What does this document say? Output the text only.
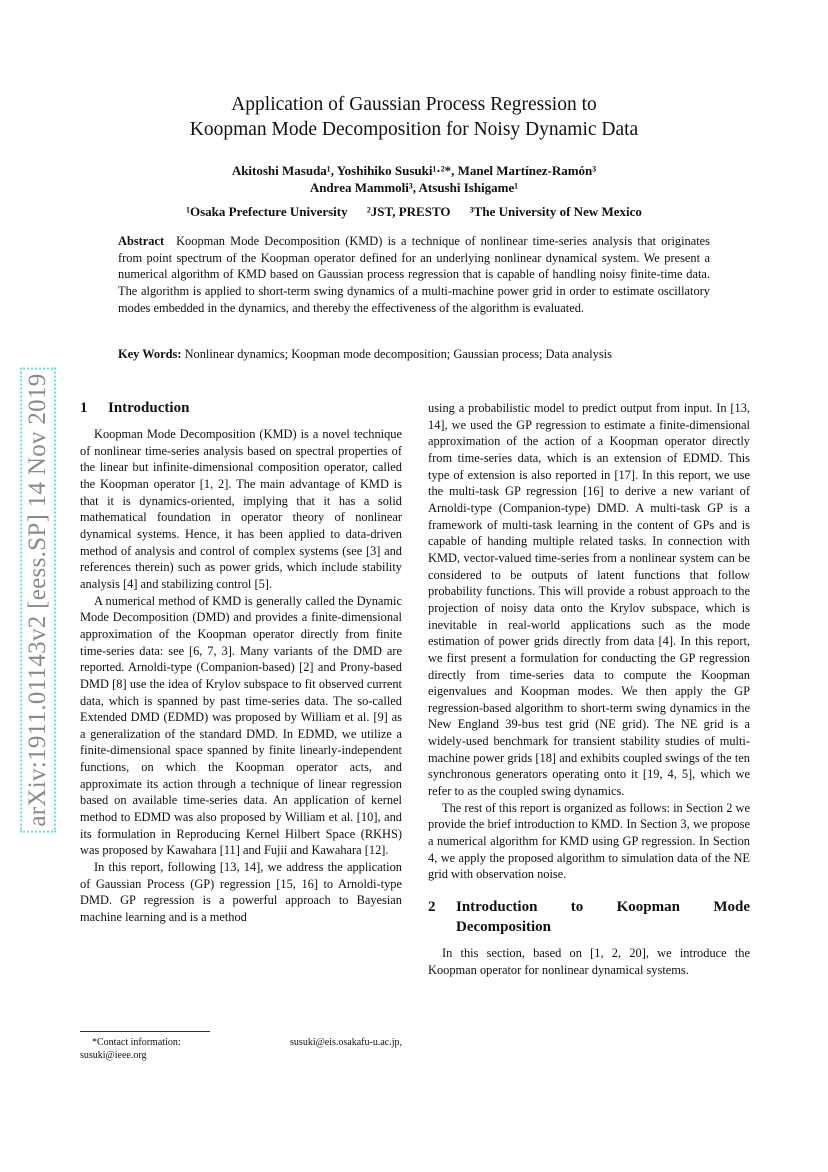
arXiv:1911.01143v2 [eess.SP] 14 Nov 2019
Application of Gaussian Process Regression to
Koopman Mode Decomposition for Noisy Dynamic Data
Akitoshi Masuda¹, Yoshihiko Susuki¹·²*, Manel Martínez-Ramón³
Andrea Mammoli³, Atsushi Ishigame¹
¹Osaka Prefecture University ²JST, PRESTO ³The University of New Mexico
Abstract Koopman Mode Decomposition (KMD) is a technique of nonlinear time-series analysis that originates from point spectrum of the Koopman operator defined for an underlying nonlinear dynamical system. We present a numerical algorithm of KMD based on Gaussian process regression that is capable of handling noisy finite-time data. The algorithm is applied to short-term swing dynamics of a multi-machine power grid in order to estimate oscillatory modes embedded in the dynamics, and thereby the effectiveness of the algorithm is evaluated.
Key Words: Nonlinear dynamics; Koopman mode decomposition; Gaussian process; Data analysis
1	Introduction

Koopman Mode Decomposition (KMD) is a novel technique of nonlinear time-series analysis based on spectral properties of the linear but infinite-dimensional composition operator, called the Koopman operator [1, 2]. The main advantage of KMD is that it is dynamics-oriented, implying that it has a solid mathematical foundation in operator theory of nonlinear dynamical systems. Hence, it has been applied to data-driven method of analysis and control of complex systems (see [3] and references therein) such as power grids, which include stability analysis [4] and stabilizing control [5].

A numerical method of KMD is generally called the Dynamic Mode Decomposition (DMD) and provides a finite-dimensional approximation of the Koopman operator directly from finite time-series data: see [6, 7, 3]. Many variants of the DMD are reported. Arnoldi-type (Companion-based) [2] and Prony-based DMD [8] use the idea of Krylov subspace to fit observed current data, which is spanned by past time-series data. The so-called Extended DMD (EDMD) was proposed by William et al. [9] as a generalization of the standard DMD. In EDMD, we utilize a finite-dimensional space spanned by finite linearly-independent functions, on which the Koopman operator acts, and approximate its action through a technique of linear regression based on available time-series data. An application of kernel method to EDMD was also proposed by William et al. [10], and its formulation in Reproducing Kernel Hilbert Space (RKHS) was proposed by Kawahara [11] and Fujii and Kawahara [12].

In this report, following [13, 14], we address the application of Gaussian Process (GP) regression [15, 16] to Arnoldi-type DMD. GP regression is a powerful approach to Bayesian machine learning and is a method

using a probabilistic model to predict output from input. In [13, 14], we used the GP regression to estimate a finite-dimensional approximation of the action of a Koopman operator directly from time-series data, which is an extension of EDMD. This type of extension is also reported in [17]. In this report, we use the multi-task GP regression [16] to derive a new variant of Arnoldi-type (Companion-type) DMD. A multi-task GP is a framework of multi-task learning in the content of GPs and is capable of handing multiple related tasks. In connection with KMD, vector-valued time-series from a nonlinear system can be considered to be outputs of latent functions that follow probability functions. This will provide a robust approach to the projection of noisy data onto the Krylov subspace, which is inevitable in real-world applications such as the mode estimation of power grids directly from data [4]. In this report, we first present a formulation for conducting the GP regression directly from time-series data to compute the Koopman eigenvalues and Koopman modes. We then apply the GP regression-based algorithm to short-term swing dynamics in the New England 39-bus test grid (NE grid). The NE grid is a widely-used benchmark for transient stability studies of multi-machine power grids [18] and exhibits coupled swings of the ten synchronous generators operating onto it [19, 4, 5], which we refer to as the coupled swing dynamics.

The rest of this report is organized as follows: in Section 2 we provide the brief introduction to KMD. In Section 3, we propose a numerical algorithm for KMD using GP regression. In Section 4, we apply the proposed algorithm to simulation data of the NE grid with observation noise.

2	Introduction to Koopman Mode Decomposition

In this section, based on [1, 2, 20], we introduce the Koopman operator for nonlinear dynamical systems.

*Contact information:	susuki@eis.osakafu-u.ac.jp,
susuki@ieee.org
